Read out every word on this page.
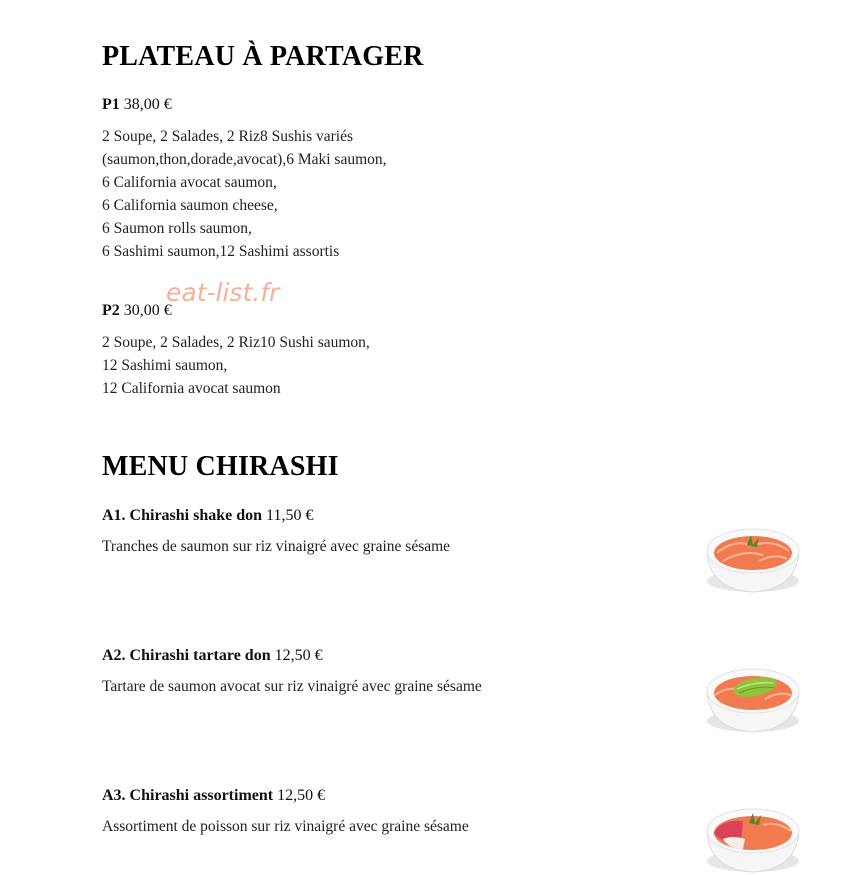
PLATEAU À PARTAGER
P1 38,00 €
2 Soupe, 2 Salades, 2 Riz8 Sushis variés
(saumon,thon,dorade,avocat),6 Maki saumon,
6 California avocat saumon,
6 California saumon cheese,
6 Saumon rolls saumon,
6 Sashimi saumon,12 Sashimi assortis
P2 30,00 €
2 Soupe, 2 Salades, 2 Riz10 Sushi saumon,
12 Sashimi saumon,
12 California avocat saumon
eat-list.fr
MENU CHIRASHI
A1. Chirashi shake don 11,50 €

Tranches de saumon sur riz vinaigré avec graine sésame

A2. Chirashi tartare don 12,50 €

Tartare de saumon avocat sur riz vinaigré avec graine sésame

A3. Chirashi assortiment 12,50 €

Assortiment de poisson sur riz vinaigré avec graine sésame
